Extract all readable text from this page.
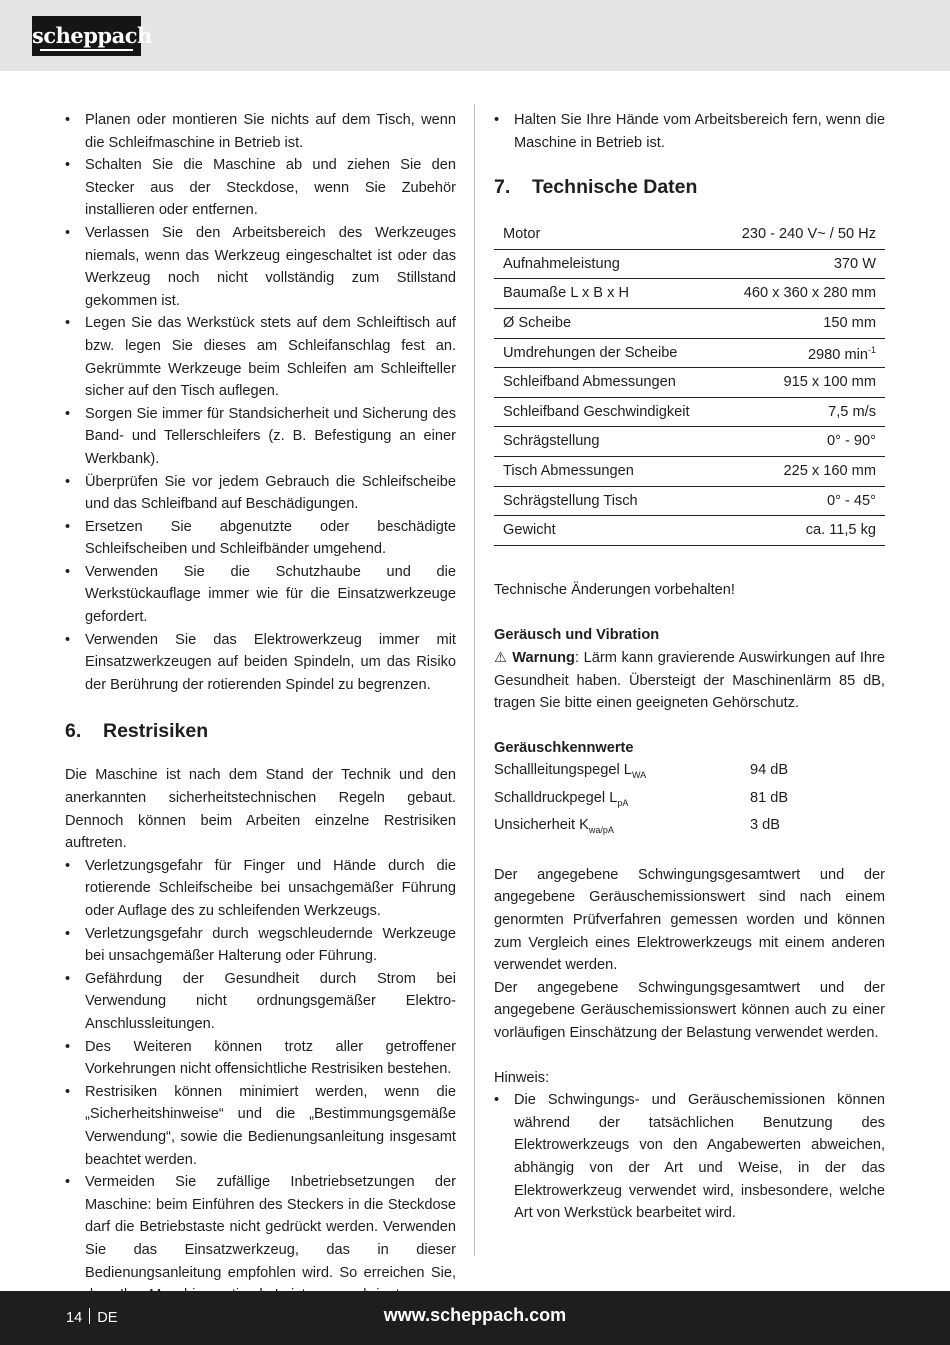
scheppach
• Planen oder montieren Sie nichts auf dem Tisch, wenn die Schleifmaschine in Betrieb ist.
• Schalten Sie die Maschine ab und ziehen Sie den Stecker aus der Steckdose, wenn Sie Zubehör installieren oder entfernen.
• Verlassen Sie den Arbeitsbereich des Werkzeuges niemals, wenn das Werkzeug eingeschaltet ist oder das Werkzeug noch nicht vollständig zum Stillstand gekommen ist.
• Legen Sie das Werkstück stets auf dem Schleiftisch auf bzw. legen Sie dieses am Schleifanschlag fest an. Gekrümmte Werkzeuge beim Schleifen am Schleifteller sicher auf den Tisch auflegen.
• Sorgen Sie immer für Standsicherheit und Sicherung des Band- und Tellerschleifers (z. B. Befestigung an einer Werkbank).
• Überprüfen Sie vor jedem Gebrauch die Schleifscheibe und das Schleifband auf Beschädigungen.
• Ersetzen Sie abgenutzte oder beschädigte Schleifscheiben und Schleifbänder umgehend.
• Verwenden Sie die Schutzhaube und die Werkstückauflage immer wie für die Einsatzwerkzeuge gefordert.
• Verwenden Sie das Elektrowerkzeug immer mit Einsatzwerkzeugen auf beiden Spindeln, um das Risiko der Berührung der rotierenden Spindel zu begrenzen.
6. Restrisiken

Die Maschine ist nach dem Stand der Technik und den anerkannten sicherheitstechnischen Regeln gebaut. Dennoch können beim Arbeiten einzelne Restrisiken auftreten.

• Verletzungsgefahr für Finger und Hände durch die rotierende Schleifscheibe bei unsachgemäßer Führung oder Auflage des zu schleifenden Werkzeugs.
• Verletzungsgefahr durch wegschleudernde Werkzeuge bei unsachgemäßer Halterung oder Führung.
• Gefährdung der Gesundheit durch Strom bei Verwendung nicht ordnungsgemäßer Elektro-Anschlussleitungen.
• Des Weiteren können trotz aller getroffener Vorkehrungen nicht offensichtliche Restrisiken bestehen.
• Restrisiken können minimiert werden, wenn die „Sicherheitshinweise“ und die „Bestimmungsgemäße Verwendung“, sowie die Bedienungsanleitung insgesamt beachtet werden.
• Vermeiden Sie zufällige Inbetriebsetzungen der Maschine: beim Einführen des Steckers in die Steckdose darf die Betriebstaste nicht gedrückt werden. Verwenden Sie das Einsatzwerkzeug, das in dieser Bedienungsanleitung empfohlen wird. So erreichen Sie,
• Halten Sie Ihre Hände vom Arbeitsbereich fern, wenn die Maschine in Betrieb ist.
7. Technische Daten
Motor	230 - 240 V~ / 50 Hz
Aufnahmeleistung	370 W
Baumaße L x B x H	460 x 360 x 280 mm
Ø Scheibe	150 mm
Umdrehungen der Scheibe	2980 $\min^{-1}$
Schleifband Abmessungen	915 x 100 mm
Schleifband Geschwindigkeit	7,5 m/s
Schrägstellung	0° - 90°
Tisch Abmessungen	225 x 160 mm
Schrägstellung Tisch	0° - 45°
Gewicht	ca. 11,5 kg

Technische Änderungen vorbehalten!

Geräusch und Vibration

⚠ Warnung: Lärm kann gravierende Auswirkungen auf Ihre Gesundheit haben. Übersteigt der Maschinenlärm 85 dB, tragen Sie bitte einen geeigneten Gehörschutz.

Geräuschkennwerte

Schallleitungspegel $L_{WA}$	94 dB
Schalldruckpegel $L_{pA}$	81 dB
Unsicherheit $K_{wa/pA}$	3 dB

Der angegebene Schwingungsgesamtwert und der angegebene Geräuschemissionswert sind nach einem genormten Prüfverfahren gemessen worden und können zum Vergleich eines Elektrowerkzeugs mit einem anderen verwendet werden.

Der angegebene Schwingungsgesamtwert und der angegebene Geräuschemissionswert können auch zu einer vorläufigen Einschätzung der Belastung verwendet werden.

Hinweis:

• Die Schwingungs- und Geräuschemissionen können während der tatsächlichen Benutzung des Elektrowerkzeugs von den Angabewerten abweichen, abhängig von der Art und Weise, in der das Elektrowerkzeug verwendet wird, insbesondere, welche Art von Werkstück bearbeitet wird.
14 DE	www.scheppach.com
